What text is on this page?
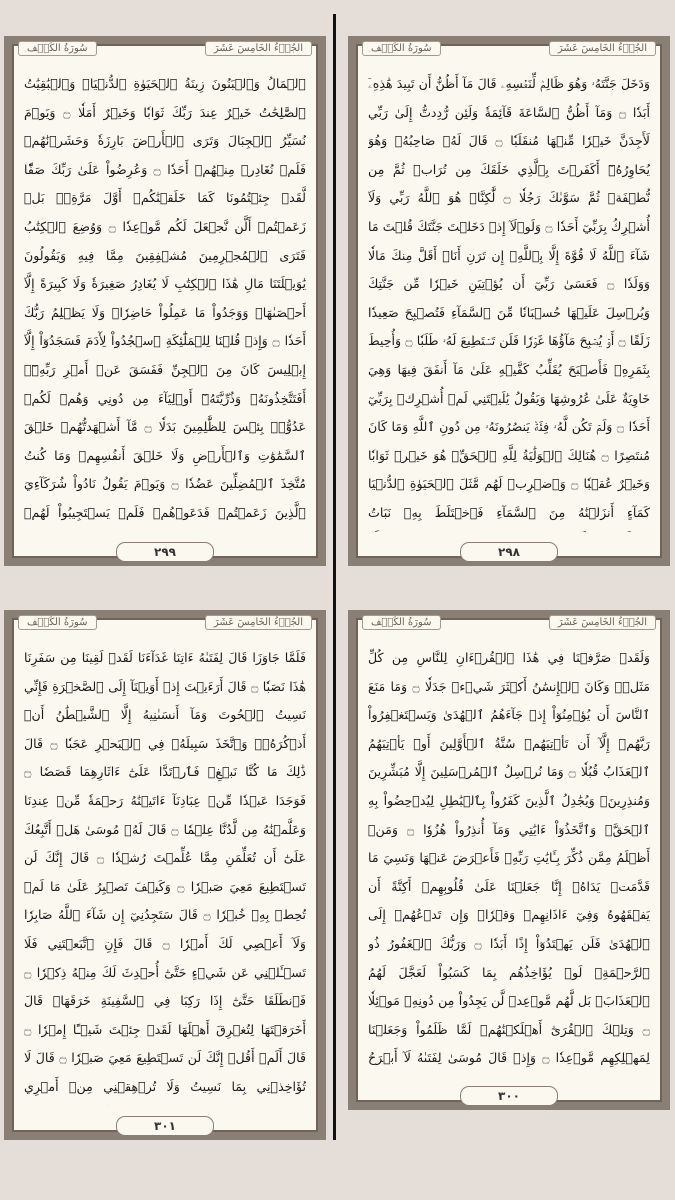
الجُزۡءُ الخَامِسَ عَشَرَ
سُورَةُ الكَهۡف
ٱلۡمَالُ وَٱلۡبَنُونَ زِينَةُ ٱلۡحَيَوٰةِ ٱلدُّنۡيَاۖ وَٱلۡبَٰقِيَٰتُ ٱلصَّٰلِحَٰتُ خَيۡرٌ عِندَ رَبِّكَ ثَوَابٗا وَخَيۡرٌ أَمَلٗا ۝ وَيَوۡمَ نُسَيِّرُ ٱلۡجِبَالَ وَتَرَى ٱلۡأَرۡضَ بَارِزَةٗ وَحَشَرۡنَٰهُمۡ فَلَمۡ نُغَادِرۡ مِنۡهُمۡ أَحَدٗا ۝ وَعُرِضُواْ عَلَىٰ رَبِّكَ صَفّٗا لَّقَدۡ جِئۡتُمُونَا كَمَا خَلَقۡنَٰكُمۡ أَوَّلَ مَرَّةِۭۚ بَلۡ زَعَمۡتُمۡ أَلَّن نَّجۡعَلَ لَكُم مَّوۡعِدٗا ۝ وَوُضِعَ ٱلۡكِتَٰبُ فَتَرَى ٱلۡمُجۡرِمِينَ مُشۡفِقِينَ مِمَّا فِيهِ وَيَقُولُونَ يَٰوَيۡلَتَنَا مَالِ هَٰذَا ٱلۡكِتَٰبِ لَا يُغَادِرُ صَغِيرَةٗ وَلَا كَبِيرَةً إِلَّآ أَحۡصَىٰهَاۚ وَوَجَدُواْ مَا عَمِلُواْ حَاضِرٗاۗ وَلَا يَظۡلِمُ رَبُّكَ أَحَدٗا ۝ وَإِذۡ قُلۡنَا لِلۡمَلَٰٓئِكَةِ ٱسۡجُدُواْ لِأٓدَمَ فَسَجَدُوٓاْ إِلَّآ إِبۡلِيسَ كَانَ مِنَ ٱلۡجِنِّ فَفَسَقَ عَنۡ أَمۡرِ رَبِّهِۦٓۗ أَفَتَتَّخِذُونَهُۥ وَذُرِّيَّتَهُۥٓ أَوۡلِيَآءَ مِن دُونِي وَهُمۡ لَكُمۡ عَدُوُّۢۚ بِئۡسَ لِلظَّٰلِمِينَ بَدَلٗا ۝ مَّآ أَشۡهَدتُّهُمۡ خَلۡقَ ٱلسَّمَٰوَٰتِ وَٱلۡأَرۡضِ وَلَا خَلۡقَ أَنفُسِهِمۡ وَمَا كُنتُ مُتَّخِذَ ٱلۡمُضِلِّينَ عَضُدٗا ۝ وَيَوۡمَ يَقُولُ نَادُواْ شُرَكَآءِيَ ٱلَّذِينَ زَعَمۡتُمۡ فَدَعَوۡهُمۡ فَلَمۡ يَسۡتَجِيبُواْ لَهُمۡ
٢٩٩
الجُزۡءُ الخَامِسَ عَشَرَ
سُورَةُ الكَهۡف
وَدَخَلَ جَنَّتَهُۥ وَهُوَ ظَالِمٞ لِّنَفۡسِهِۦ قَالَ مَآ أَظُنُّ أَن تَبِيدَ هَٰذِهِۦٓ أَبَدٗا ۝ وَمَآ أَظُنُّ ٱلسَّاعَةَ قَآئِمَةٗ وَلَئِن رُّدِدتُّ إِلَىٰ رَبِّي لَأَجِدَنَّ خَيۡرٗا مِّنۡهَا مُنقَلَبٗا ۝ قَالَ لَهُۥ صَاحِبُهُۥ وَهُوَ يُحَاوِرُهُۥٓ أَكَفَرۡتَ بِٱلَّذِي خَلَقَكَ مِن تُرَابٖ ثُمَّ مِن نُّطۡفَةٖ ثُمَّ سَوَّىٰكَ رَجُلٗا ۝ لَّٰكِنَّا۠ هُوَ ٱللَّهُ رَبِّي وَلَآ أُشۡرِكُ بِرَبِّيٓ أَحَدٗا ۝ وَلَوۡلَآ إِذۡ دَخَلۡتَ جَنَّتَكَ قُلۡتَ مَا شَآءَ ٱللَّهُ لَا قُوَّةَ إِلَّا بِٱللَّهِۚ إِن تَرَنِ أَنَا۠ أَقَلَّ مِنكَ مَالٗا وَوَلَدٗا ۝ فَعَسَىٰ رَبِّيٓ أَن يُؤۡتِيَنِ خَيۡرٗا مِّن جَنَّتِكَ وَيُرۡسِلَ عَلَيۡهَا حُسۡبَانٗا مِّنَ ٱلسَّمَآءِ فَتُصۡبِحَ صَعِيدٗا زَلَقًا ۝ أَوۡ يُصۡبِحَ مَآؤُهَا غَوۡرٗا فَلَن تَسۡتَطِيعَ لَهُۥ طَلَبٗا ۝ وَأُحِيطَ بِثَمَرِهِۦ فَأَصۡبَحَ يُقَلِّبُ كَفَّيۡهِ عَلَىٰ مَآ أَنفَقَ فِيهَا وَهِيَ خَاوِيَةٌ عَلَىٰ عُرُوشِهَا وَيَقُولُ يَٰلَيۡتَنِي لَمۡ أُشۡرِكۡ بِرَبِّيٓ أَحَدٗا ۝ وَلَمۡ تَكُن لَّهُۥ فِئَةٞ يَنصُرُونَهُۥ مِن دُونِ ٱللَّهِ وَمَا كَانَ مُنتَصِرًا ۝ هُنَالِكَ ٱلۡوَلَٰيَةُ لِلَّهِ ٱلۡحَقِّۚ هُوَ خَيۡرٞ ثَوَابٗا وَخَيۡرٌ عُقۡبٗا ۝ وَٱضۡرِبۡ لَهُم مَّثَلَ ٱلۡحَيَوٰةِ ٱلدُّنۡيَا كَمَآءٍ أَنزَلۡنَٰهُ مِنَ ٱلسَّمَآءِ فَٱخۡتَلَطَ بِهِۦ نَبَاتُ
٢٩٨
الجُزۡءُ الخَامِسَ عَشَرَ
سُورَةُ الكَهۡف
فَلَمَّا جَاوَزَا قَالَ لِفَتَىٰهُ ءَاتِنَا غَدَآءَنَا لَقَدۡ لَقِينَا مِن سَفَرِنَا هَٰذَا نَصَبٗا ۝ قَالَ أَرَءَيۡتَ إِذۡ أَوَيۡنَآ إِلَى ٱلصَّخۡرَةِ فَإِنِّي نَسِيتُ ٱلۡحُوتَ وَمَآ أَنسَىٰنِيهُ إِلَّا ٱلشَّيۡطَٰنُ أَنۡ أَذۡكُرَهُۥۚ وَٱتَّخَذَ سَبِيلَهُۥ فِي ٱلۡبَحۡرِ عَجَبٗا ۝ قَالَ ذَٰلِكَ مَا كُنَّا نَبۡغِۚ فَٱرۡتَدَّا عَلَىٰٓ ءَاثَارِهِمَا قَصَصٗا ۝ فَوَجَدَا عَبۡدٗا مِّنۡ عِبَادِنَآ ءَاتَيۡنَٰهُ رَحۡمَةٗ مِّنۡ عِندِنَا وَعَلَّمۡنَٰهُ مِن لَّدُنَّا عِلۡمٗا ۝ قَالَ لَهُۥ مُوسَىٰ هَلۡ أَتَّبِعُكَ عَلَىٰٓ أَن تُعَلِّمَنِ مِمَّا عُلِّمۡتَ رُشۡدٗا ۝ قَالَ إِنَّكَ لَن تَسۡتَطِيعَ مَعِيَ صَبۡرٗا ۝ وَكَيۡفَ تَصۡبِرُ عَلَىٰ مَا لَمۡ تُحِطۡ بِهِۦ خُبۡرٗا ۝ قَالَ سَتَجِدُنِيٓ إِن شَآءَ ٱللَّهُ صَابِرٗا وَلَآ أَعۡصِي لَكَ أَمۡرٗا ۝ قَالَ فَإِنِ ٱتَّبَعۡتَنِي فَلَا تَسۡـَٔلۡنِي عَن شَيۡءٍ حَتَّىٰٓ أُحۡدِثَ لَكَ مِنۡهُ ذِكۡرٗا ۝ فَٱنطَلَقَا حَتَّىٰٓ إِذَا رَكِبَا فِي ٱلسَّفِينَةِ خَرَقَهَاۖ قَالَ أَخَرَقۡتَهَا لِتُغۡرِقَ أَهۡلَهَا لَقَدۡ جِئۡتَ شَيۡـًٔا إِمۡرٗا ۝ قَالَ أَلَمۡ أَقُلۡ إِنَّكَ لَن تَسۡتَطِيعَ مَعِيَ صَبۡرٗا ۝ قَالَ لَا تُؤَاخِذۡنِي بِمَا نَسِيتُ وَلَا تُرۡهِقۡنِي مِنۡ أَمۡرِي
٣٠١
الجُزۡءُ الخَامِسَ عَشَرَ
سُورَةُ الكَهۡف
وَلَقَدۡ صَرَّفۡنَا فِي هَٰذَا ٱلۡقُرۡءَانِ لِلنَّاسِ مِن كُلِّ مَثَلٖۚ وَكَانَ ٱلۡإِنسَٰنُ أَكۡثَرَ شَيۡءٖ جَدَلٗا ۝ وَمَا مَنَعَ ٱلنَّاسَ أَن يُؤۡمِنُوٓاْ إِذۡ جَآءَهُمُ ٱلۡهُدَىٰ وَيَسۡتَغۡفِرُواْ رَبَّهُمۡ إِلَّآ أَن تَأۡتِيَهُمۡ سُنَّةُ ٱلۡأَوَّلِينَ أَوۡ يَأۡتِيَهُمُ ٱلۡعَذَابُ قُبُلٗا ۝ وَمَا نُرۡسِلُ ٱلۡمُرۡسَلِينَ إِلَّا مُبَشِّرِينَ وَمُنذِرِينَۚ وَيُجَٰدِلُ ٱلَّذِينَ كَفَرُواْ بِٱلۡبَٰطِلِ لِيُدۡحِضُواْ بِهِ ٱلۡحَقَّۖ وَٱتَّخَذُوٓاْ ءَايَٰتِي وَمَآ أُنذِرُواْ هُزُوٗا ۝ وَمَنۡ أَظۡلَمُ مِمَّن ذُكِّرَ بِـَٔايَٰتِ رَبِّهِۦ فَأَعۡرَضَ عَنۡهَا وَنَسِيَ مَا قَدَّمَتۡ يَدَاهُۚ إِنَّا جَعَلۡنَا عَلَىٰ قُلُوبِهِمۡ أَكِنَّةً أَن يَفۡقَهُوهُ وَفِيٓ ءَاذَانِهِمۡ وَقۡرٗاۖ وَإِن تَدۡعُهُمۡ إِلَى ٱلۡهُدَىٰ فَلَن يَهۡتَدُوٓاْ إِذًا أَبَدٗا ۝ وَرَبُّكَ ٱلۡغَفُورُ ذُو ٱلرَّحۡمَةِۖ لَوۡ يُؤَاخِذُهُم بِمَا كَسَبُواْ لَعَجَّلَ لَهُمُ ٱلۡعَذَابَۚ بَل لَّهُم مَّوۡعِدٞ لَّن يَجِدُواْ مِن دُونِهِۦ مَوۡئِلٗا ۝ وَتِلۡكَ ٱلۡقُرَىٰٓ أَهۡلَكۡنَٰهُمۡ لَمَّا ظَلَمُواْ وَجَعَلۡنَا لِمَهۡلِكِهِم مَّوۡعِدٗا ۝ وَإِذۡ قَالَ مُوسَىٰ لِفَتَىٰهُ لَآ أَبۡرَحُ
٣٠٠
